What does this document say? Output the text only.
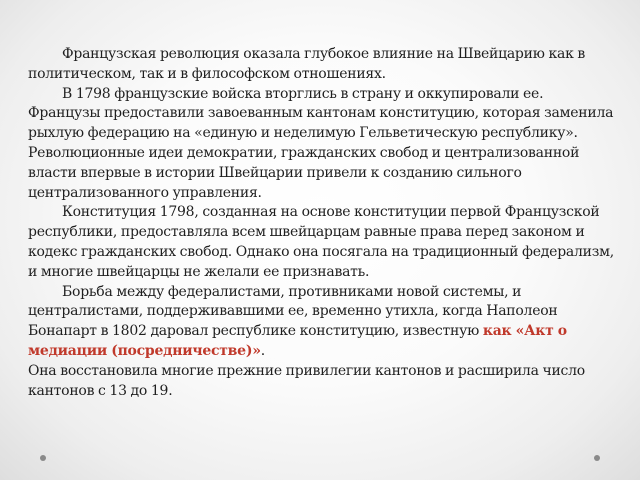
Французская революция оказала глубокое влияние на Швейцарию как в политическом, так и в философском отношениях.

В 1798 французские войска вторглись в страну и оккупировали ее. Французы предоставили завоеванным кантонам конституцию, которая заменила рыхлую федерацию на «единую и неделимую Гельветическую республику». Революционные идеи демократии, гражданских свобод и централизованной власти впервые в истории Швейцарии привели к созданию сильного централизованного управления.

Конституция 1798, созданная на основе конституции первой Французской республики, предоставляла всем швейцарцам равные права перед законом и кодекс гражданских свобод. Однако она посягала на традиционный федерализм, и многие швейцарцы не желали ее признавать.

Борьба между федералистами, противниками новой системы, и централистами, поддерживавшими ее, временно утихла, когда Наполеон Бонапарт в 1802 даровал республике конституцию, известную как «Акт о медиации (посредничестве)».

Она восстановила многие прежние привилегии кантонов и расширила число кантонов с 13 до 19.
